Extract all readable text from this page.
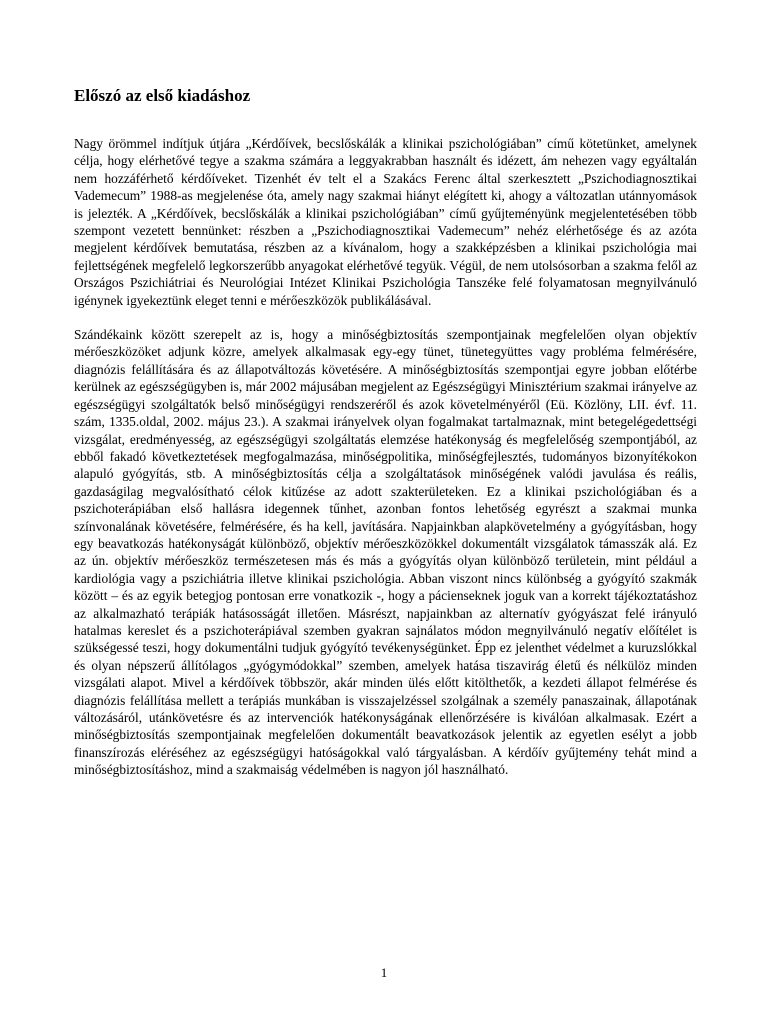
Előszó az első kiadáshoz

Nagy örömmel indítjuk útjára „Kérdőívek, becslőskálák a klinikai pszichológiában” című kötetünket, amelynek célja, hogy elérhetővé tegye a szakma számára a leggyakrabban használt és idézett, ám nehezen vagy egyáltalán nem hozzáférhető kérdőíveket. Tizenhét év telt el a Szakács Ferenc által szerkesztett „Pszichodiagnosztikai Vademecum” 1988-as megjelenése óta, amely nagy szakmai hiányt elégített ki, ahogy a változatlan utánnyomások is jelezték. A „Kérdőívek, becslőskálák a klinikai pszichológiában” című gyűjteményünk megjelentetésében több szempont vezetett bennünket: részben a „Pszichodiagnosztikai Vademecum” nehéz elérhetősége és az azóta megjelent kérdőívek bemutatása, részben az a kívánalom, hogy a szakképzésben a klinikai pszichológia mai fejlettségének megfelelő legkorszerűbb anyagokat elérhetővé tegyük. Végül, de nem utolsósorban a szakma felől az Országos Pszichiátriai és Neurológiai Intézet Klinikai Pszichológia Tanszéke felé folyamatosan megnyilvánuló igénynek igyekeztünk eleget tenni e mérőeszközök publikálásával.

Szándékaink között szerepelt az is, hogy a minőségbiztosítás szempontjainak megfelelően olyan objektív mérőeszközöket adjunk közre, amelyek alkalmasak egy-egy tünet, tünetegyüttes vagy probléma felmérésére, diagnózis felállítására és az állapotváltozás követésére. A minőségbiztosítás szempontjai egyre jobban előtérbe kerülnek az egészségügyben is, már 2002 májusában megjelent az Egészségügyi Minisztérium szakmai irányelve az egészségügyi szolgáltatók belső minőségügyi rendszeréről és azok követelményéről (Eü. Közlöny, LII. évf. 11. szám, 1335.oldal, 2002. május 23.). A szakmai irányelvek olyan fogalmakat tartalmaznak, mint betegelégedettségi vizsgálat, eredményesség, az egészségügyi szolgáltatás elemzése hatékonyság és megfelelőség szempontjából, az ebből fakadó következtetések megfogalmazása, minőségpolitika, minőségfejlesztés, tudományos bizonyítékokon alapuló gyógyítás, stb. A minőségbiztosítás célja a szolgáltatások minőségének valódi javulása és reális, gazdaságilag megvalósítható célok kitűzése az adott szakterületeken. Ez a klinikai pszichológiában és a pszichoterápiában első hallásra idegennek tűnhet, azonban fontos lehetőség egyrészt a szakmai munka színvonalának követésére, felmérésére, és ha kell, javítására. Napjainkban alapkövetelmény a gyógyításban, hogy egy beavatkozás hatékonyságát különböző, objektív mérőeszközökkel dokumentált vizsgálatok támasszák alá. Ez az ún. objektív mérőeszköz természetesen más és más a gyógyítás olyan különböző területein, mint például a kardiológia vagy a pszichiátria illetve klinikai pszichológia. Abban viszont nincs különbség a gyógyító szakmák között – és az egyik betegjog pontosan erre vonatkozik -, hogy a pácienseknek joguk van a korrekt tájékoztatáshoz az alkalmazható terápiák hatásosságát illetően. Másrészt, napjainkban az alternatív gyógyászat felé irányuló hatalmas kereslet és a pszichoterápiával szemben gyakran sajnálatos módon megnyilvánuló negatív előítélet is szükségessé teszi, hogy dokumentálni tudjuk gyógyító tevékenységünket. Épp ez jelenthet védelmet a kuruzslókkal és olyan népszerű állítólagos „gyógymódokkal” szemben, amelyek hatása tiszavirág életű és nélkülöz minden vizsgálati alapot. Mivel a kérdőívek többször, akár minden ülés előtt kitölthetők, a kezdeti állapot felmérése és diagnózis felállítása mellett a terápiás munkában is visszajelzéssel szolgálnak a személy panaszainak, állapotának változásáról, utánkövetésre és az intervenciók hatékonyságának ellenőrzésére is kiválóan alkalmasak. Ezért a minőségbiztosítás szempontjainak megfelelően dokumentált beavatkozások jelentik az egyetlen esélyt a jobb finanszírozás eléréséhez az egészségügyi hatóságokkal való tárgyalásban. A kérdőív gyűjtemény tehát mind a minőségbiztosításhoz, mind a szakmaiság védelmében is nagyon jól használható.

1
